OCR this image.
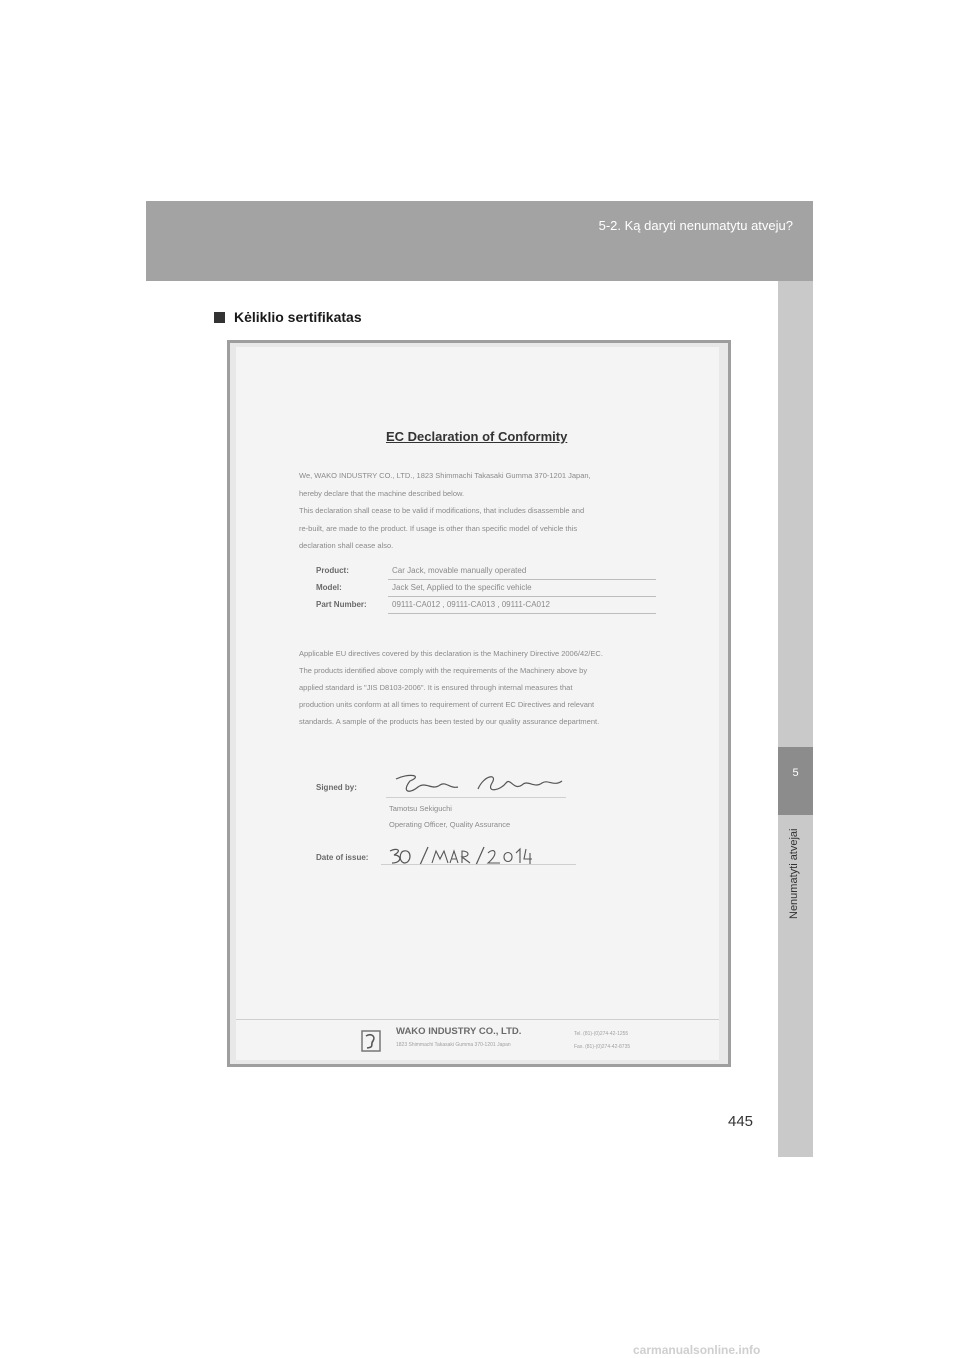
5-2. Ką daryti nenumatytu atveju?
5
Nenumatyti atvejai
Kėliklio sertifikatas
EC Declaration of Conformity

We, WAKO INDUSTRY CO., LTD., 1823 Shimmachi Takasaki Gumma 370-1201 Japan,

hereby declare that the machine described below.

This declaration shall cease to be valid if modifications, that includes disassemble and

re-built, are made to the product. If usage is other than specific model of vehicle this

declaration shall cease also.

Product:	Car Jack, movable manually operated
Model:	Jack Set, Applied to the specific vehicle
Part Number:	09111-CA012 , 09111-CA013 , 09111-CA012

Applicable EU directives covered by this declaration is the Machinery Directive 2006/42/EC.

The products identified above comply with the requirements of the Machinery above by

applied standard is "JIS D8103-2006". It is ensured through internal measures that

production units conform at all times to requirement of current EC Directives and relevant

standards. A sample of the products has been tested by our quality assurance department.

Signed by:
Tamotsu Sekiguchi
Operating Officer, Quality Assurance
Date of issue:
WAKO INDUSTRY CO., LTD.
1823 Shimmachi Takasaki Gumma 370-1201 Japan
Tel. (81)-(0)274-42-1255
Fax. (81)-(0)274-42-8735
445
carmanualsonline.info
